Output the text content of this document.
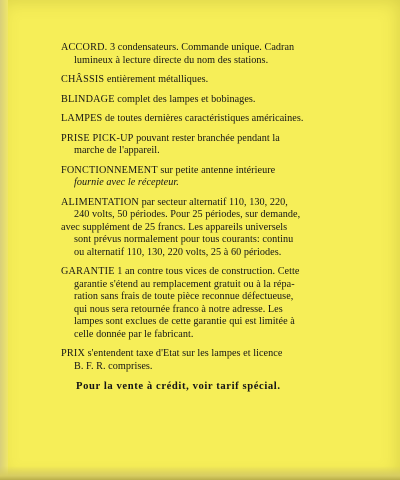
ACCORD. 3 condensateurs. Commande unique. Cadran
lumineux à lecture directe du nom des stations.

CHÂSSIS entièrement métalliques.

BLINDAGE complet des lampes et bobinages.

LAMPES de toutes dernières caractéristiques américaines.

PRISE PICK-UP pouvant rester branchée pendant la
marche de l'appareil.

FONCTIONNEMENT sur petite antenne intérieure
fournie avec le récepteur.

ALIMENTATION par secteur alternatif 110, 130, 220,
240 volts, 50 périodes. Pour 25 périodes, sur demande,
avec supplément de 25 francs. Les appareils universels
sont prévus normalement pour tous courants: continu
ou alternatif 110, 130, 220 volts, 25 à 60 périodes.

GARANTIE 1 an contre tous vices de construction. Cette
garantie s'étend au remplacement gratuit ou à la répa-
ration sans frais de toute pièce reconnue défectueuse,
qui nous sera retournée franco à notre adresse. Les
lampes sont exclues de cette garantie qui est limitée à
celle donnée par le fabricant.

PRIX s'entendent taxe d'Etat sur les lampes et licence
B. F. R. comprises.

Pour la vente à crédit, voir tarif spécial.
